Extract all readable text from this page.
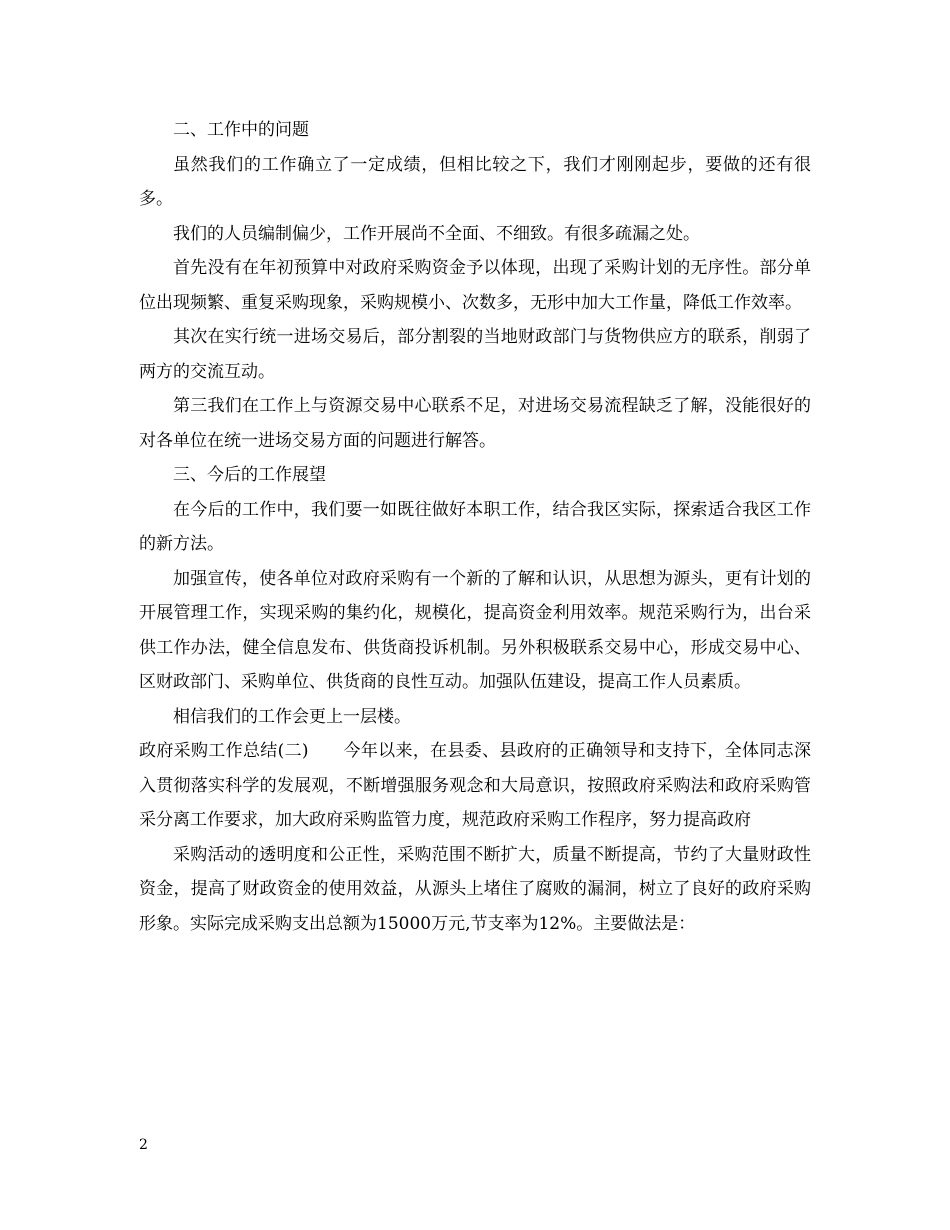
二、工作中的问题

虽然我们的工作确立了一定成绩，但相比较之下，我们才刚刚起步，要做的还有很多。

我们的人员编制偏少，工作开展尚不全面、不细致。有很多疏漏之处。

首先没有在年初预算中对政府采购资金予以体现，出现了采购计划的无序性。部分单位出现频繁、重复采购现象，采购规模小、次数多，无形中加大工作量，降低工作效率。

其次在实行统一进场交易后，部分割裂的当地财政部门与货物供应方的联系，削弱了两方的交流互动。

第三我们在工作上与资源交易中心联系不足，对进场交易流程缺乏了解，没能很好的对各单位在统一进场交易方面的问题进行解答。

三、今后的工作展望

在今后的工作中，我们要一如既往做好本职工作，结合我区实际，探索适合我区工作的新方法。

加强宣传，使各单位对政府采购有一个新的了解和认识，从思想为源头，更有计划的开展管理工作，实现采购的集约化，规模化，提高资金利用效率。规范采购行为，出台采供工作办法，健全信息发布、供货商投诉机制。另外积极联系交易中心，形成交易中心、区财政部门、采购单位、供货商的良性互动。加强队伍建设，提高工作人员素质。

相信我们的工作会更上一层楼。

政府采购工作总结(二)　　今年以来，在县委、县政府的正确领导和支持下，全体同志深入贯彻落实科学的发展观，不断增强服务观念和大局意识，按照政府采购法和政府采购管采分离工作要求，加大政府采购监管力度，规范政府采购工作程序，努力提高政府

采购活动的透明度和公正性，采购范围不断扩大，质量不断提高，节约了大量财政性资金，提高了财政资金的使用效益，从源头上堵住了腐败的漏洞，树立了良好的政府采购形象。实际完成采购支出总额为15000万元,节支率为12%。主要做法是：

2
